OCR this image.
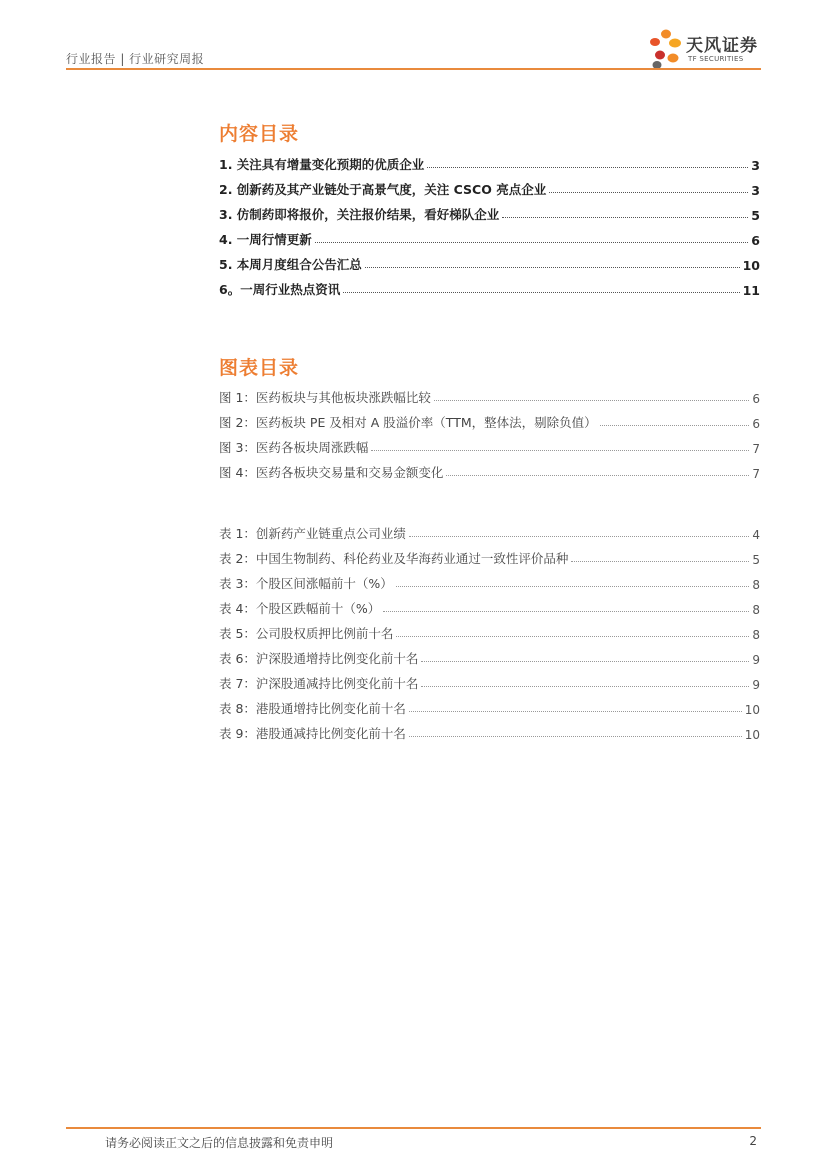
行业报告 | 行业研究周报
天风证券
TF SECURITIES
内容目录
1. 关注具有增量变化预期的优质企业	3
2. 创新药及其产业链处于高景气度，关注 CSCO 亮点企业	3
3. 仿制药即将报价，关注报价结果，看好梯队企业	5
4. 一周行情更新	6
5. 本周月度组合公告汇总	10
6。一周行业热点资讯	11
图表目录
图 1：医药板块与其他板块涨跌幅比较	6
图 2：医药板块 PE 及相对 A 股溢价率（TTM，整体法，剔除负值）	6
图 3：医药各板块周涨跌幅	7
图 4：医药各板块交易量和交易金额变化	7
表 1：创新药产业链重点公司业绩	4
表 2：中国生物制药、科伦药业及华海药业通过一致性评价品种	5
表 3：个股区间涨幅前十（%）	8
表 4：个股区跌幅前十（%）	8
表 5：公司股权质押比例前十名	8
表 6：沪深股通增持比例变化前十名	9
表 7：沪深股通减持比例变化前十名	9
表 8：港股通增持比例变化前十名	10
表 9：港股通减持比例变化前十名	10
请务必阅读正文之后的信息披露和免责申明	2
